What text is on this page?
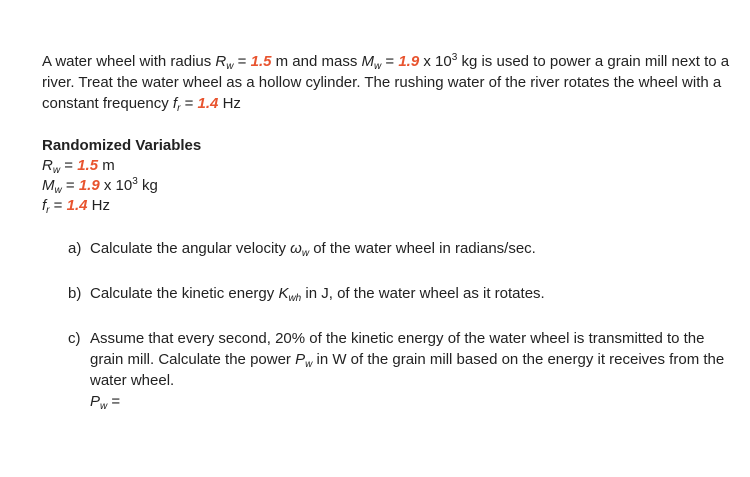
A water wheel with radius $R_w = 1.5$ m and mass $M_w = 1.9$ x $10^3$ kg is used to power a grain mill next to a river. Treat the water wheel as a hollow cylinder. The rushing water of the river rotates the wheel with a constant frequency $f_r = 1.4$ Hz

Randomized Variables
$R_w = 1.5$ m
$M_w = 1.9$ x $10^3$ kg
$f_r = 1.4$ Hz
a) Calculate the angular velocity $\omega_w$ of the water wheel in radians/sec.
b) Calculate the kinetic energy $K_{wh}$ in J, of the water wheel as it rotates.
c) Assume that every second, 20% of the kinetic energy of the water wheel is transmitted to the grain mill. Calculate the power $P_w$ in W of the grain mill based on the energy it receives from the water wheel.
$P_w$ =
